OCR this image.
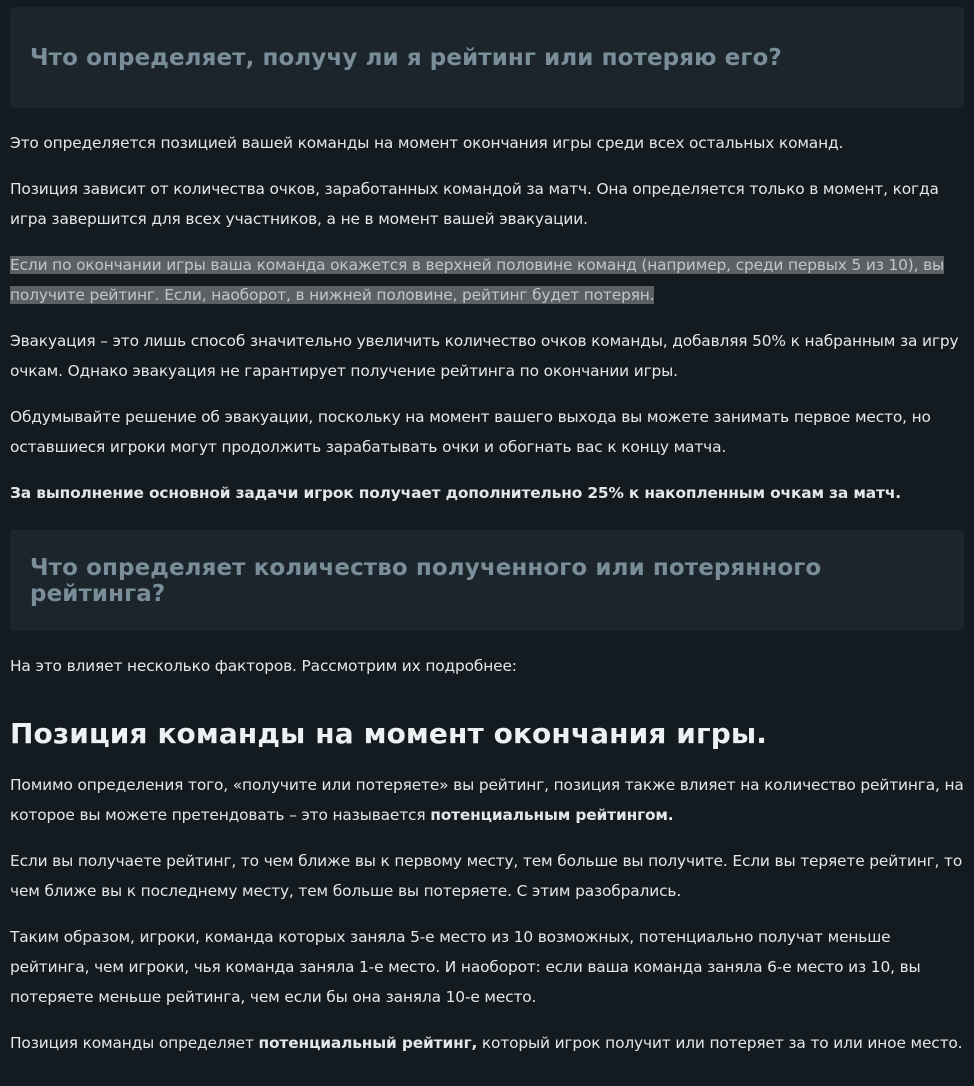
Что определяет, получу ли я рейтинг или потеряю его?

Это определяется позицией вашей команды на момент окончания игры среди всех остальных команд.

Позиция зависит от количества очков, заработанных командой за матч. Она определяется только в момент, когда игра завершится для всех участников, а не в момент вашей эвакуации.

Если по окончании игры ваша команда окажется в верхней половине команд (например, среди первых 5 из 10), вы получите рейтинг. Если, наоборот, в нижней половине, рейтинг будет потерян.

Эвакуация – это лишь способ значительно увеличить количество очков команды, добавляя 50% к набранным за игру очкам. Однако эвакуация не гарантирует получение рейтинга по окончании игры.

Обдумывайте решение об эвакуации, поскольку на момент вашего выхода вы можете занимать первое место, но оставшиеся игроки могут продолжить зарабатывать очки и обогнать вас к концу матча.

За выполнение основной задачи игрок получает дополнительно 25% к накопленным очкам за матч.

Что определяет количество полученного или потерянного рейтинга?

На это влияет несколько факторов. Рассмотрим их подробнее:

Позиция команды на момент окончания игры.

Помимо определения того, «получите или потеряете» вы рейтинг, позиция также влияет на количество рейтинга, на которое вы можете претендовать – это называется потенциальным рейтингом.

Если вы получаете рейтинг, то чем ближе вы к первому месту, тем больше вы получите. Если вы теряете рейтинг, то чем ближе вы к последнему месту, тем больше вы потеряете. С этим разобрались.

Таким образом, игроки, команда которых заняла 5-е место из 10 возможных, потенциально получат меньше рейтинга, чем игроки, чья команда заняла 1-е место. И наоборот: если ваша команда заняла 6-е место из 10, вы потеряете меньше рейтинга, чем если бы она заняла 10-е место.

Позиция команды определяет потенциальный рейтинг, который игрок получит или потеряет за то или иное место.
